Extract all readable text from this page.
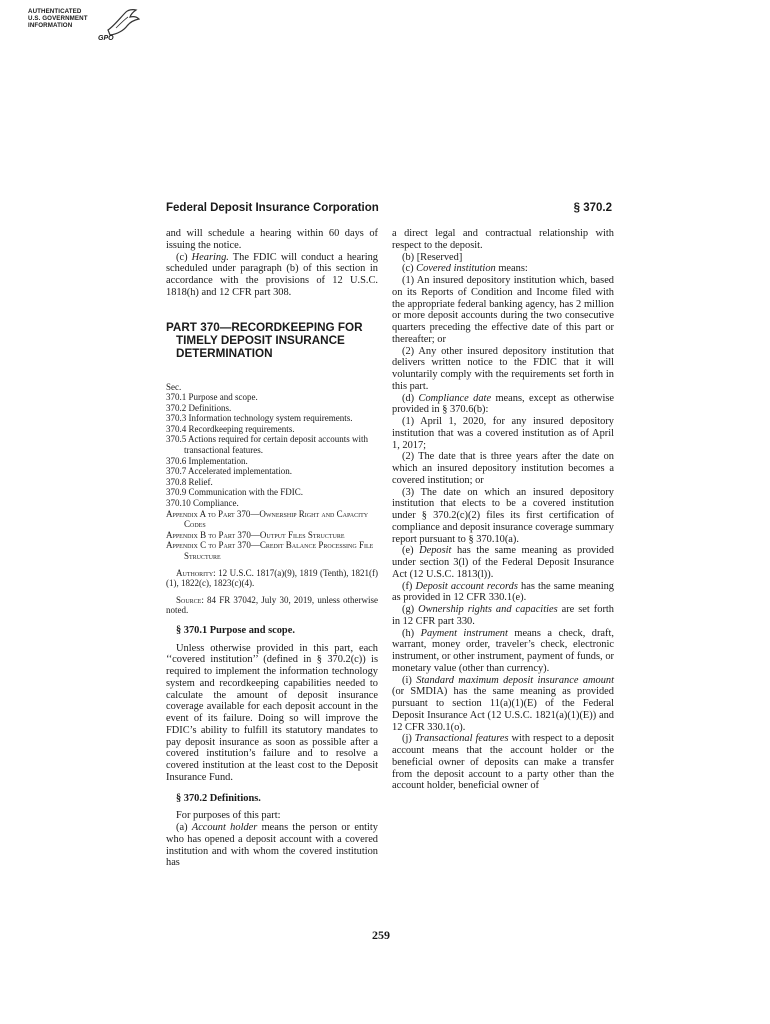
AUTHENTICATED
U.S. GOVERNMENT
INFORMATION
GPO
Federal Deposit Insurance Corporation	§ 370.2

and will schedule a hearing within 60 days of issuing the notice.

(c) Hearing. The FDIC will conduct a hearing scheduled under paragraph (b) of this section in accordance with the provisions of 12 U.S.C. 1818(h) and 12 CFR part 308.

PART 370—RECORDKEEPING FOR TIMELY DEPOSIT INSURANCE DETERMINATION

Sec.
370.1 Purpose and scope.
370.2 Definitions.
370.3 Information technology system requirements.
370.4 Recordkeeping requirements.
370.5 Actions required for certain deposit accounts with transactional features.
370.6 Implementation.
370.7 Accelerated implementation.
370.8 Relief.
370.9 Communication with the FDIC.
370.10 Compliance.
Appendix A to Part 370—Ownership Right and Capacity Codes
Appendix B to Part 370—Output Files Structure
Appendix C to Part 370—Credit Balance Processing File Structure

Authority: 12 U.S.C. 1817(a)(9), 1819 (Tenth), 1821(f)(1), 1822(c), 1823(c)(4).

Source: 84 FR 37042, July 30, 2019, unless otherwise noted.

§ 370.1 Purpose and scope.

Unless otherwise provided in this part, each ‘‘covered institution’’ (defined in § 370.2(c)) is required to implement the information technology system and recordkeeping capabilities needed to calculate the amount of deposit insurance coverage available for each deposit account in the event of its failure. Doing so will improve the FDIC’s ability to fulfill its statutory mandates to pay deposit insurance as soon as possible after a covered institution’s failure and to resolve a covered institution at the least cost to the Deposit Insurance Fund.

§ 370.2 Definitions.

For purposes of this part:

(a) Account holder means the person or entity who has opened a deposit account with a covered institution and with whom the covered institution has

a direct legal and contractual relationship with respect to the deposit.

(b) [Reserved]

(c) Covered institution means:

(1) An insured depository institution which, based on its Reports of Condition and Income filed with the appropriate federal banking agency, has 2 million or more deposit accounts during the two consecutive quarters preceding the effective date of this part or thereafter; or

(2) Any other insured depository institution that delivers written notice to the FDIC that it will voluntarily comply with the requirements set forth in this part.

(d) Compliance date means, except as otherwise provided in § 370.6(b):

(1) April 1, 2020, for any insured depository institution that was a covered institution as of April 1, 2017;

(2) The date that is three years after the date on which an insured depository institution becomes a covered institution; or

(3) The date on which an insured depository institution that elects to be a covered institution under § 370.2(c)(2) files its first certification of compliance and deposit insurance coverage summary report pursuant to § 370.10(a).

(e) Deposit has the same meaning as provided under section 3(l) of the Federal Deposit Insurance Act (12 U.S.C. 1813(l)).

(f) Deposit account records has the same meaning as provided in 12 CFR 330.1(e).

(g) Ownership rights and capacities are set forth in 12 CFR part 330.

(h) Payment instrument means a check, draft, warrant, money order, traveler’s check, electronic instrument, or other instrument, payment of funds, or monetary value (other than currency).

(i) Standard maximum deposit insurance amount (or SMDIA) has the same meaning as provided pursuant to section 11(a)(1)(E) of the Federal Deposit Insurance Act (12 U.S.C. 1821(a)(1)(E)) and 12 CFR 330.1(o).

(j) Transactional features with respect to a deposit account means that the account holder or the beneficial owner of deposits can make a transfer from the deposit account to a party other than the account holder, beneficial owner of

259
